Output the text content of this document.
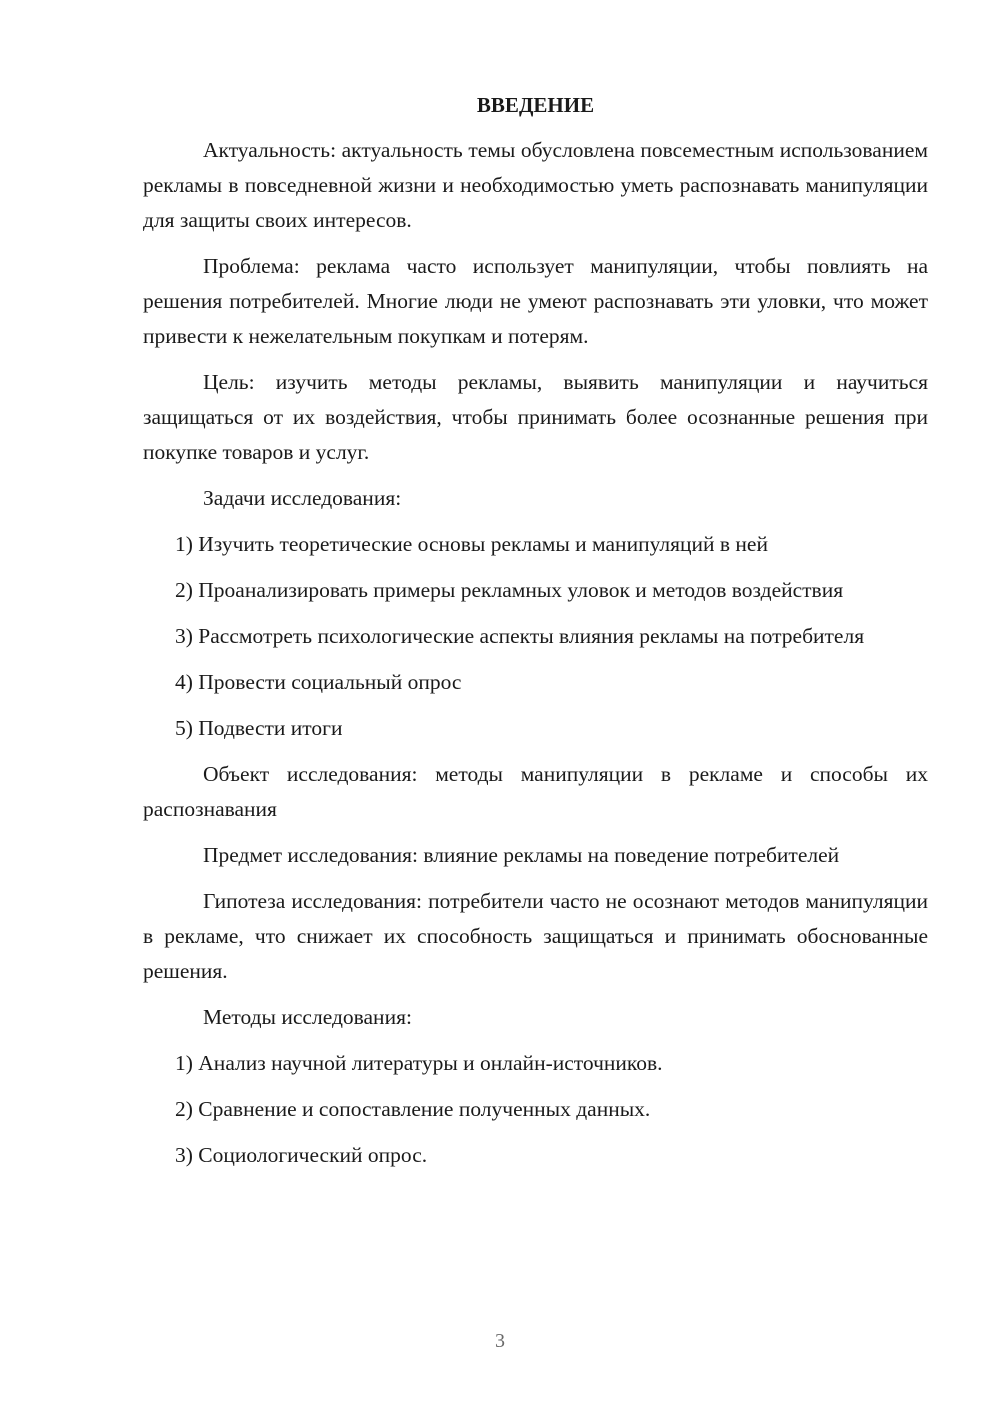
ВВЕДЕНИЕ

Актуальность: актуальность темы обусловлена повсеместным использованием рекламы в повседневной жизни и необходимостью уметь распознавать манипуляции для защиты своих интересов.

Проблема: реклама часто использует манипуляции, чтобы повлиять на решения потребителей. Многие люди не умеют распознавать эти уловки, что может привести к нежелательным покупкам и потерям.

Цель: изучить методы рекламы, выявить манипуляции и научиться защищаться от их воздействия, чтобы принимать более осознанные решения при покупке товаров и услуг.

Задачи исследования:

1) Изучить теоретические основы рекламы и манипуляций в ней

2) Проанализировать примеры рекламных уловок и методов воздействия

3) Рассмотреть психологические аспекты влияния рекламы на потребителя

4) Провести социальный опрос

5) Подвести итоги

Объект исследования: методы манипуляции в рекламе и способы их распознавания

Предмет исследования: влияние рекламы на поведение потребителей

Гипотеза исследования: потребители часто не осознают методов манипуляции в рекламе, что снижает их способность защищаться и принимать обоснованные решения.

Методы исследования:

1) Анализ научной литературы и онлайн-источников.

2) Сравнение и сопоставление полученных данных.

3) Социологический опрос.

3
